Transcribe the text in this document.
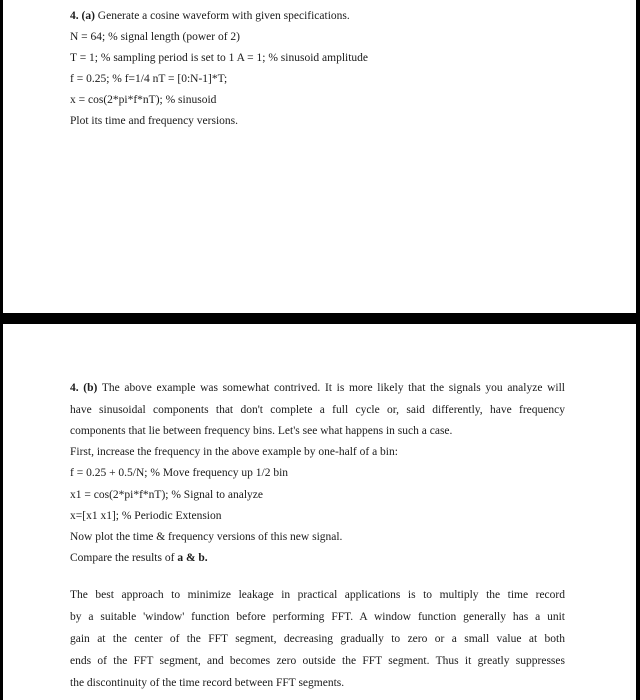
4. (a) Generate a cosine waveform with given specifications.
N = 64; % signal length (power of 2)
T = 1; % sampling period is set to 1 A = 1; % sinusoid amplitude
f = 0.25; % f=1/4 nT = [0:N-1]*T;
x = cos(2*pi*f*nT); % sinusoid
Plot its time and frequency versions.
4. (b) The above example was somewhat contrived. It is more likely that the signals you analyze will
have sinusoidal components that don't complete a full cycle or, said differently, have frequency
components that lie between frequency bins. Let's see what happens in such a case.
First, increase the frequency in the above example by one-half of a bin:
f = 0.25 + 0.5/N; % Move frequency up 1/2 bin
x1 = cos(2*pi*f*nT); % Signal to analyze
x=[x1 x1]; % Periodic Extension
Now plot the time & frequency versions of this new signal.
Compare the results of a & b.
The best approach to minimize leakage in practical applications is to multiply the time record
by a suitable 'window' function before performing FFT. A window function generally has a unit
gain at the center of the FFT segment, decreasing gradually to zero or a small value at both
ends of the FFT segment, and becomes zero outside the FFT segment. Thus it greatly suppresses
the discontinuity of the time record between FFT segments.
